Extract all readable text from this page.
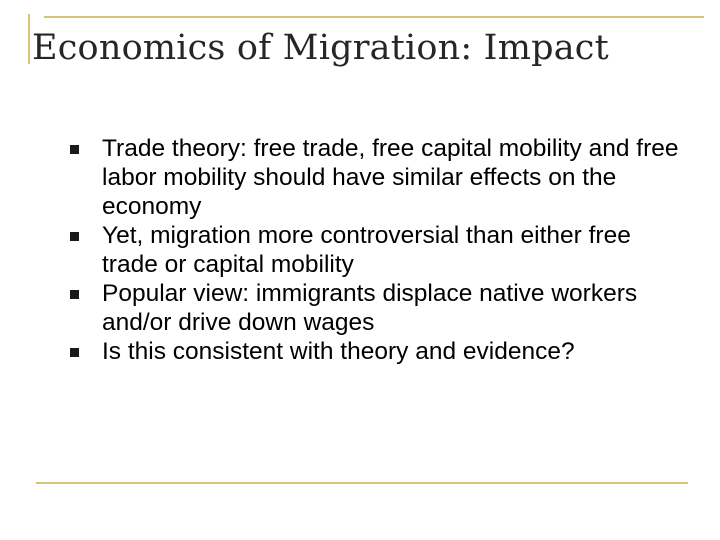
Economics of Migration: Impact
Trade theory: free trade, free capital mobility and free labor mobility should have similar effects on the economy
Yet, migration more controversial than either free trade or capital mobility
Popular view: immigrants displace native workers and/or drive down wages
Is this consistent with theory and evidence?
